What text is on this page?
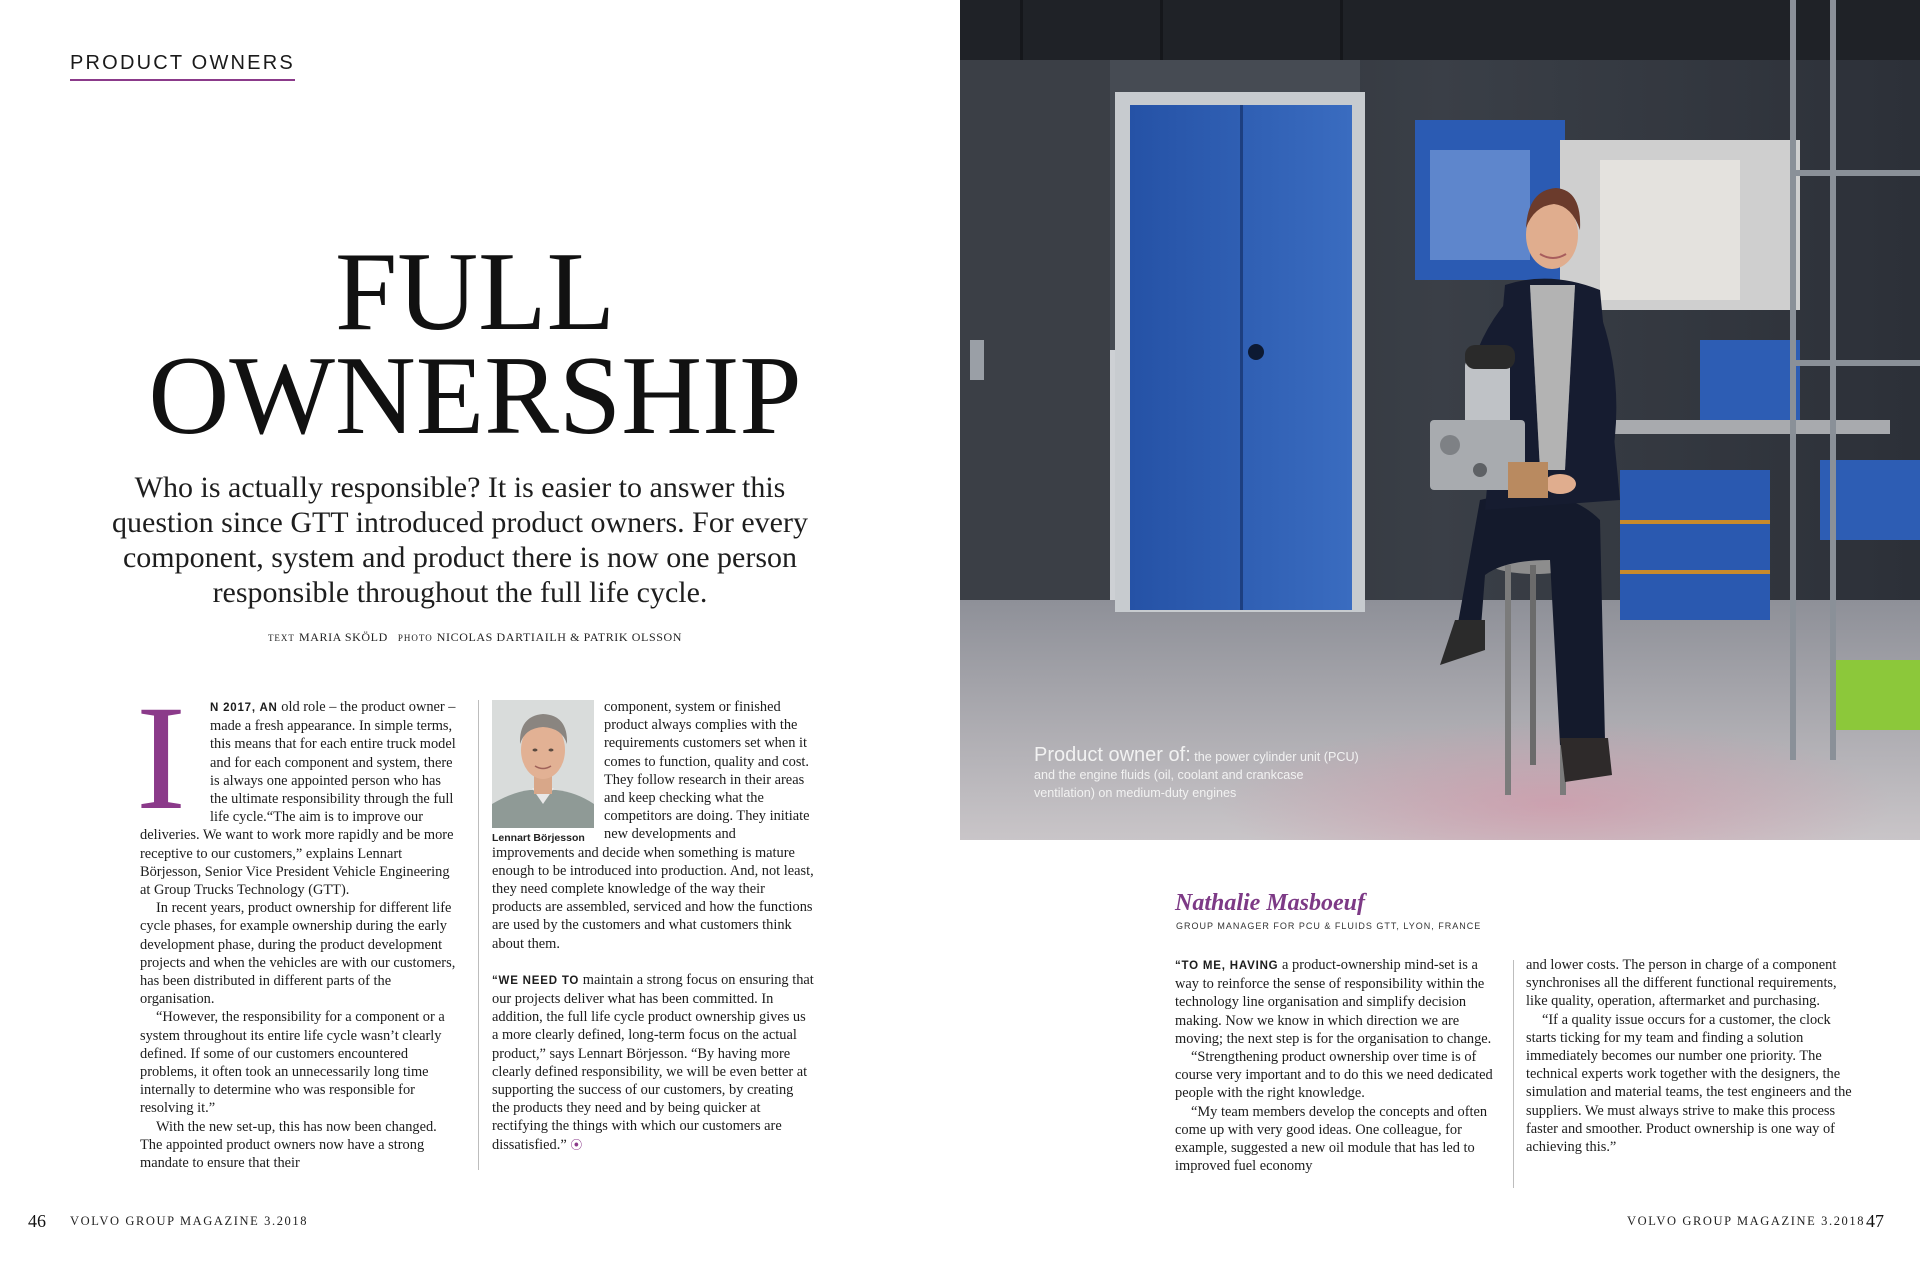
PRODUCT OWNERS
FULL
OWNERSHIP

Who is actually responsible? It is easier to answer this question since GTT introduced product owners. For every component, system and product there is now one person responsible throughout the full life cycle.

TEXT MARIA SKÖLD PHOTO NICOLAS DARTIAILH & PATRIK OLSSON
I	N 2017, AN old role – the product owner – made a fresh appearance. In simple terms, this means that for each entire truck model and for each component and system, there is always one appointed person who has the ultimate responsibility through the full life cycle.“The aim is to improve our deliveries. We want to work more rapidly and be more receptive to our customers,” explains Lennart Börjesson, Senior Vice President Vehicle Engineering at Group Trucks Technology (GTT).

In recent years, product ownership for different life cycle phases, for example ownership during the early development phase, during the product development projects and when the vehicles are with our customers, has been distributed in different parts of the organisation.

“However, the responsibility for a component or a system throughout its entire life cycle wasn’t clearly defined. If some of our customers encountered problems, it often took an unnecessarily long time internally to determine who was responsible for resolving it.”

With the new set-up, this has now been changed. The appointed product owners now have a strong mandate to ensure that their

Lennart Börjesson

component, system or finished product always complies with the requirements customers set when it comes to function, quality and cost. They follow research in their areas and keep checking what the competitors are doing. They initiate new developments and improvements and decide when something is mature enough to be introduced into production. And, not least, they need complete knowledge of the way their products are assembled, serviced and how the functions are used by the customers and what customers think about them.

“WE NEED TO maintain a strong focus on ensuring that our projects deliver what has been committed. In addition, the full life cycle product ownership gives us a more clearly defined, long-term focus on the actual product,” says Lennart Börjesson. “By having more clearly defined responsibility, we will be even better at supporting the success of our customers, by creating the products they need and by being quicker at rectifying the things with which our customers are dissatisfied.” ⦿

Product owner of: the power cylinder unit (PCU) and the engine fluids (oil, coolant and crankcase ventilation) on medium-duty engines
Nathalie Masboeuf
GROUP MANAGER FOR PCU & FLUIDS GTT, LYON, FRANCE

“TO ME, HAVING a product-ownership mind-set is a way to reinforce the sense of responsibility within the technology line organisation and simplify decision making. Now we know in which direction we are moving; the next step is for the organisation to change.

“Strengthening product ownership over time is of course very important and to do this we need dedicated people with the right knowledge.

“My team members develop the concepts and often come up with very good ideas. One colleague, for example, suggested a new oil module that has led to improved fuel economy

and lower costs. The person in charge of a component synchronises all the different functional requirements, like quality, operation, aftermarket and purchasing.

“If a quality issue occurs for a customer, the clock starts ticking for my team and finding a solution immediately becomes our number one priority. The technical experts work together with the designers, the simulation and material teams, the test engineers and the suppliers. We must always strive to make this process faster and smoother. Product ownership is one way of achieving this.”

46 VOLVO GROUP MAGAZINE 3.2018	VOLVO GROUP MAGAZINE 3.2018 47
